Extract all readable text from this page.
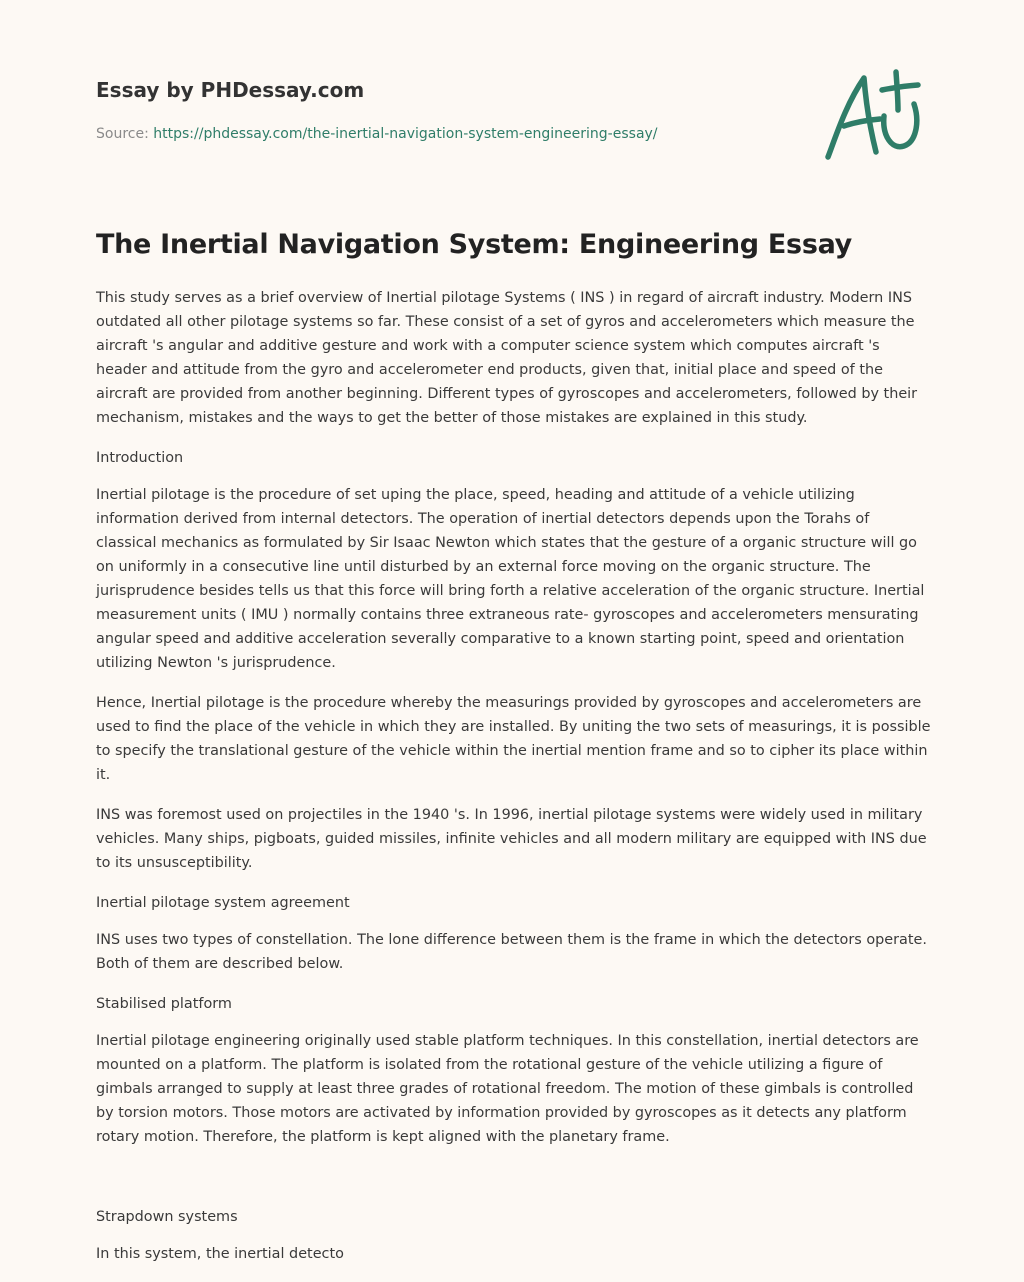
Essay by PHDessay.com
Source: https://phdessay.com/the-inertial-navigation-system-engineering-essay/
The Inertial Navigation System: Engineering Essay

This study serves as a brief overview of Inertial pilotage Systems ( INS ) in regard of aircraft industry. Modern INS outdated all other pilotage systems so far. These consist of a set of gyros and accelerometers which measure the aircraft 's angular and additive gesture and work with a computer science system which computes aircraft 's header and attitude from the gyro and accelerometer end products, given that, initial place and speed of the aircraft are provided from another beginning. Different types of gyroscopes and accelerometers, followed by their mechanism, mistakes and the ways to get the better of those mistakes are explained in this study.

Introduction

Inertial pilotage is the procedure of set uping the place, speed, heading and attitude of a vehicle utilizing information derived from internal detectors. The operation of inertial detectors depends upon the Torahs of classical mechanics as formulated by Sir Isaac Newton which states that the gesture of a organic structure will go on uniformly in a consecutive line until disturbed by an external force moving on the organic structure. The jurisprudence besides tells us that this force will bring forth a relative acceleration of the organic structure. Inertial measurement units ( IMU ) normally contains three extraneous rate- gyroscopes and accelerometers mensurating angular speed and additive acceleration severally comparative to a known starting point, speed and orientation utilizing Newton 's jurisprudence.

Hence, Inertial pilotage is the procedure whereby the measurings provided by gyroscopes and accelerometers are used to find the place of the vehicle in which they are installed. By uniting the two sets of measurings, it is possible to specify the translational gesture of the vehicle within the inertial mention frame and so to cipher its place within it.

INS was foremost used on projectiles in the 1940 's. In 1996, inertial pilotage systems were widely used in military vehicles. Many ships, pigboats, guided missiles, infinite vehicles and all modern military are equipped with INS due to its unsusceptibility.

Inertial pilotage system agreement

INS uses two types of constellation. The lone difference between them is the frame in which the detectors operate. Both of them are described below.

Stabilised platform

Inertial pilotage engineering originally used stable platform techniques. In this constellation, inertial detectors are mounted on a platform. The platform is isolated from the rotational gesture of the vehicle utilizing a figure of gimbals arranged to supply at least three grades of rotational freedom. The motion of these gimbals is controlled by torsion motors. Those motors are activated by information provided by gyroscopes as it detects any platform rotary motion. Therefore, the platform is kept aligned with the planetary frame.

Strapdown systems

In this system, the inertial detecto
